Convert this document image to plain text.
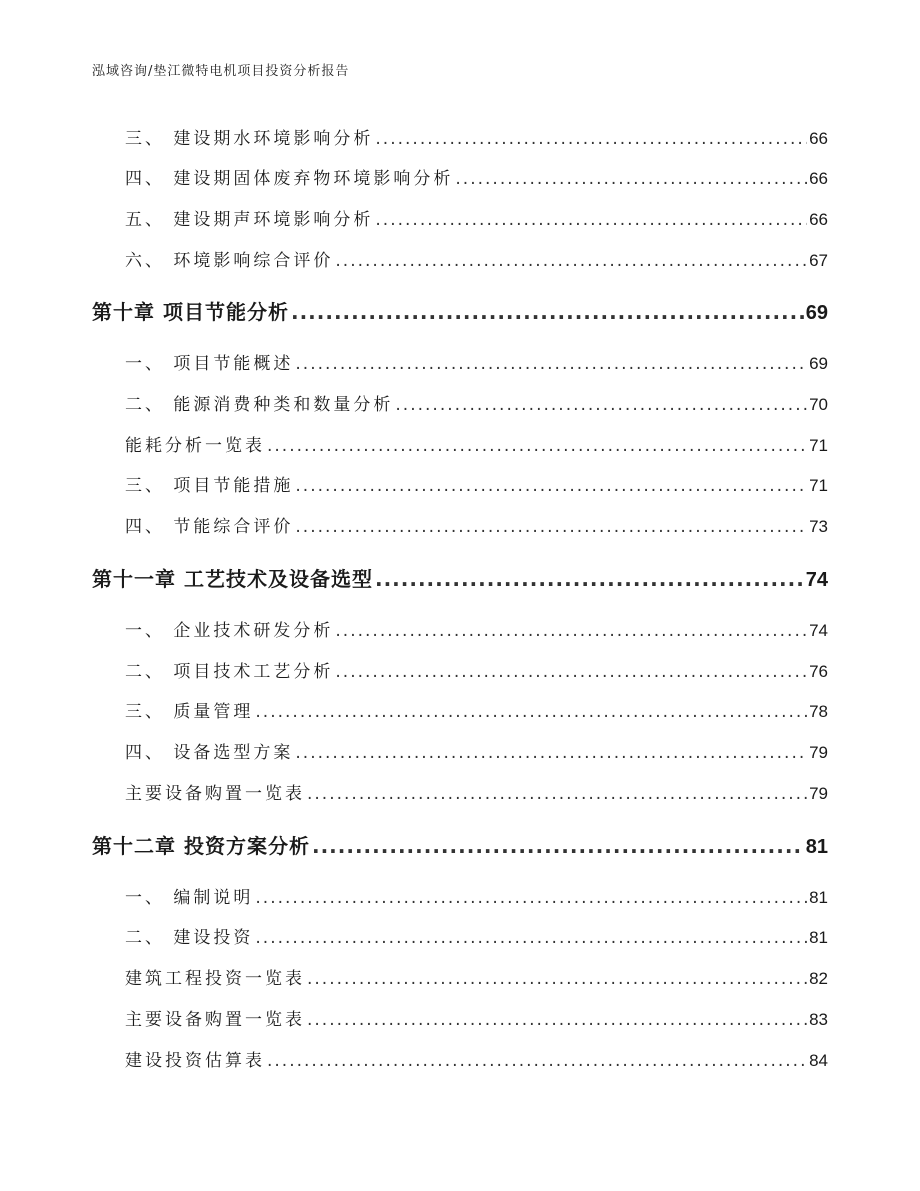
泓域咨询/垫江微特电机项目投资分析报告
三、 建设期水环境影响分析 .....	66
四、 建设期固体废弃物环境影响分析 .....	66
五、 建设期声环境影响分析 .....	66
六、 环境影响综合评价 .....	67
第十章 项目节能分析 .....	69
一、 项目节能概述 .....	69
二、 能源消费种类和数量分析 .....	70
能耗分析一览表 .....	71
三、 项目节能措施 .....	71
四、 节能综合评价 .....	73
第十一章 工艺技术及设备选型 .....	74
一、 企业技术研发分析 .....	74
二、 项目技术工艺分析 .....	76
三、 质量管理 .....	78
四、 设备选型方案 .....	79
主要设备购置一览表 .....	79
第十二章 投资方案分析 .....	81
一、 编制说明 .....	81
二、 建设投资 .....	81
建筑工程投资一览表 .....	82
主要设备购置一览表 .....	83
建设投资估算表 .....	84
